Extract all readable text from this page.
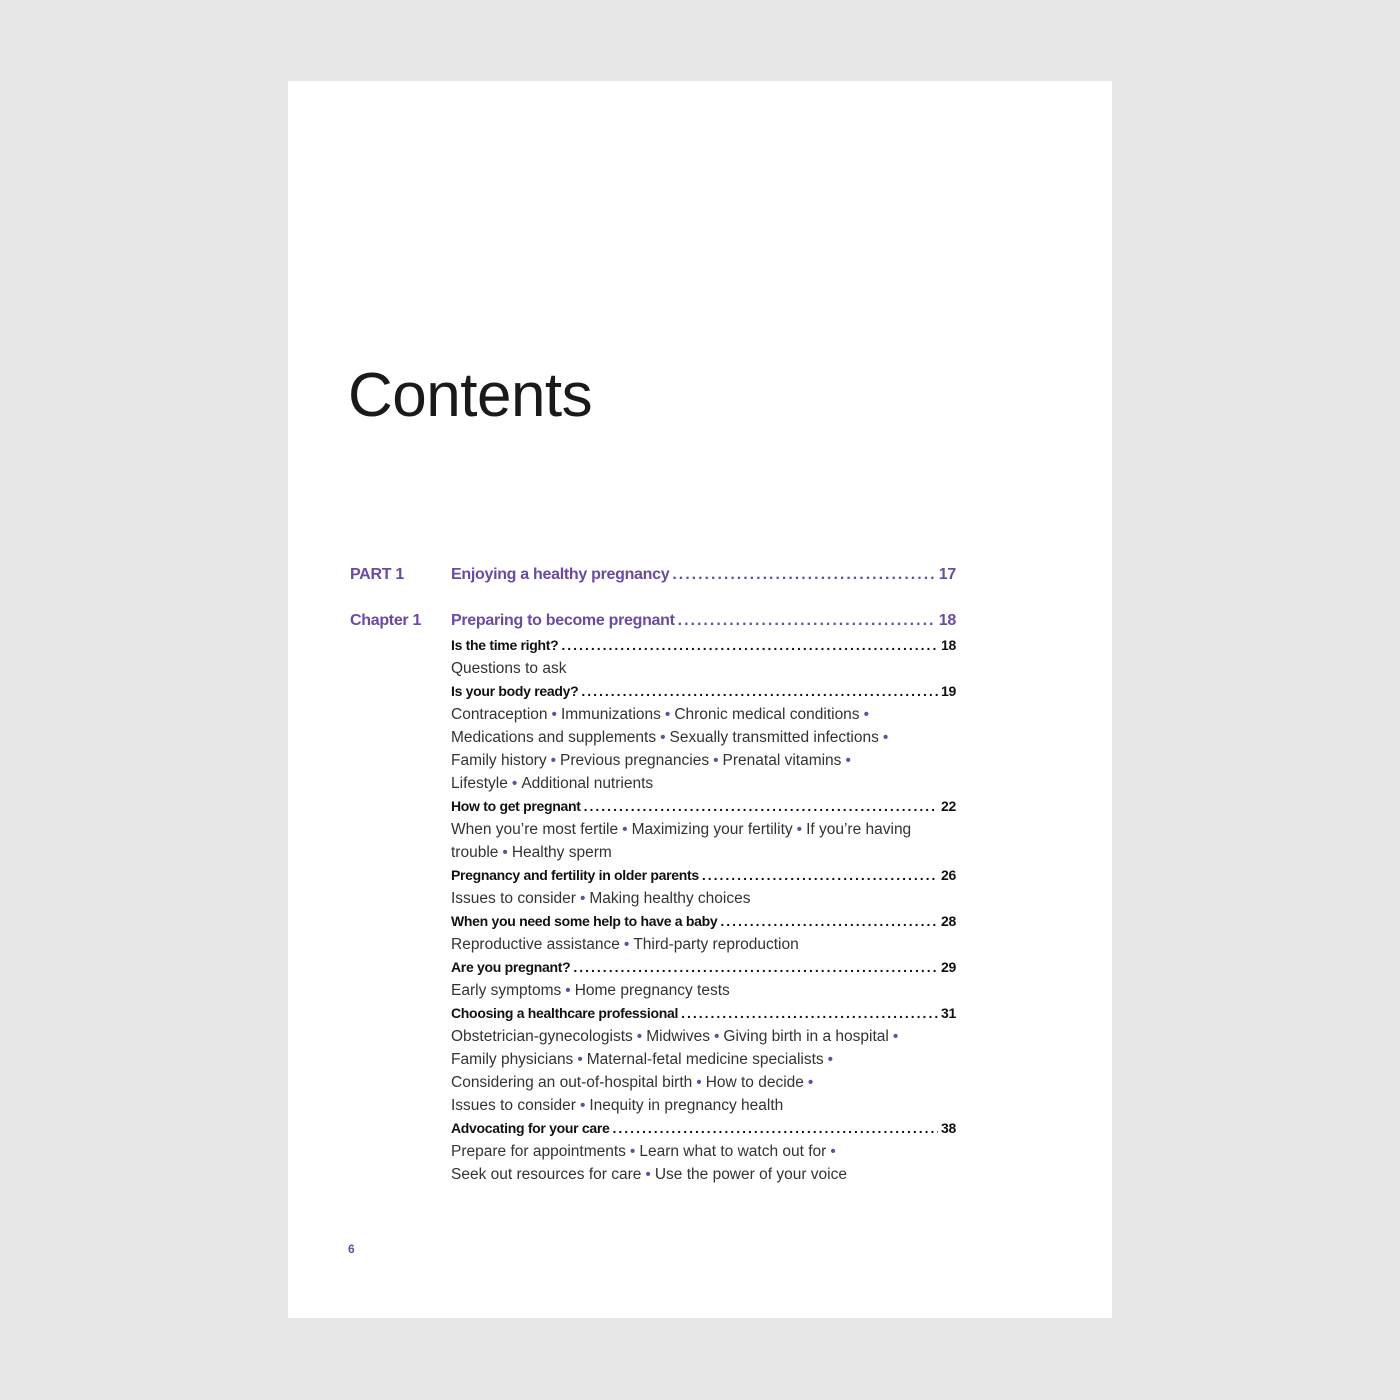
Contents
PART 1	Enjoying a healthy pregnancy .....	17
Chapter 1	Preparing to become pregnant .....	18
Is the time right? .....	18
Questions to ask
Is your body ready? .....	19
Contraception • Immunizations • Chronic medical conditions •
Medications and supplements • Sexually transmitted infections •
Family history • Previous pregnancies • Prenatal vitamins •
Lifestyle • Additional nutrients
How to get pregnant .....	22
When you’re most fertile • Maximizing your fertility • If you’re having
trouble • Healthy sperm
Pregnancy and fertility in older parents .....	26
Issues to consider • Making healthy choices
When you need some help to have a baby .....	28
Reproductive assistance • Third-party reproduction
Are you pregnant? .....	29
Early symptoms • Home pregnancy tests
Choosing a healthcare professional .....	31
Obstetrician-gynecologists • Midwives • Giving birth in a hospital •
Family physicians • Maternal-fetal medicine specialists •
Considering an out-of-hospital birth • How to decide •
Issues to consider • Inequity in pregnancy health
Advocating for your care .....	38
Prepare for appointments • Learn what to watch out for •
Seek out resources for care • Use the power of your voice
6
